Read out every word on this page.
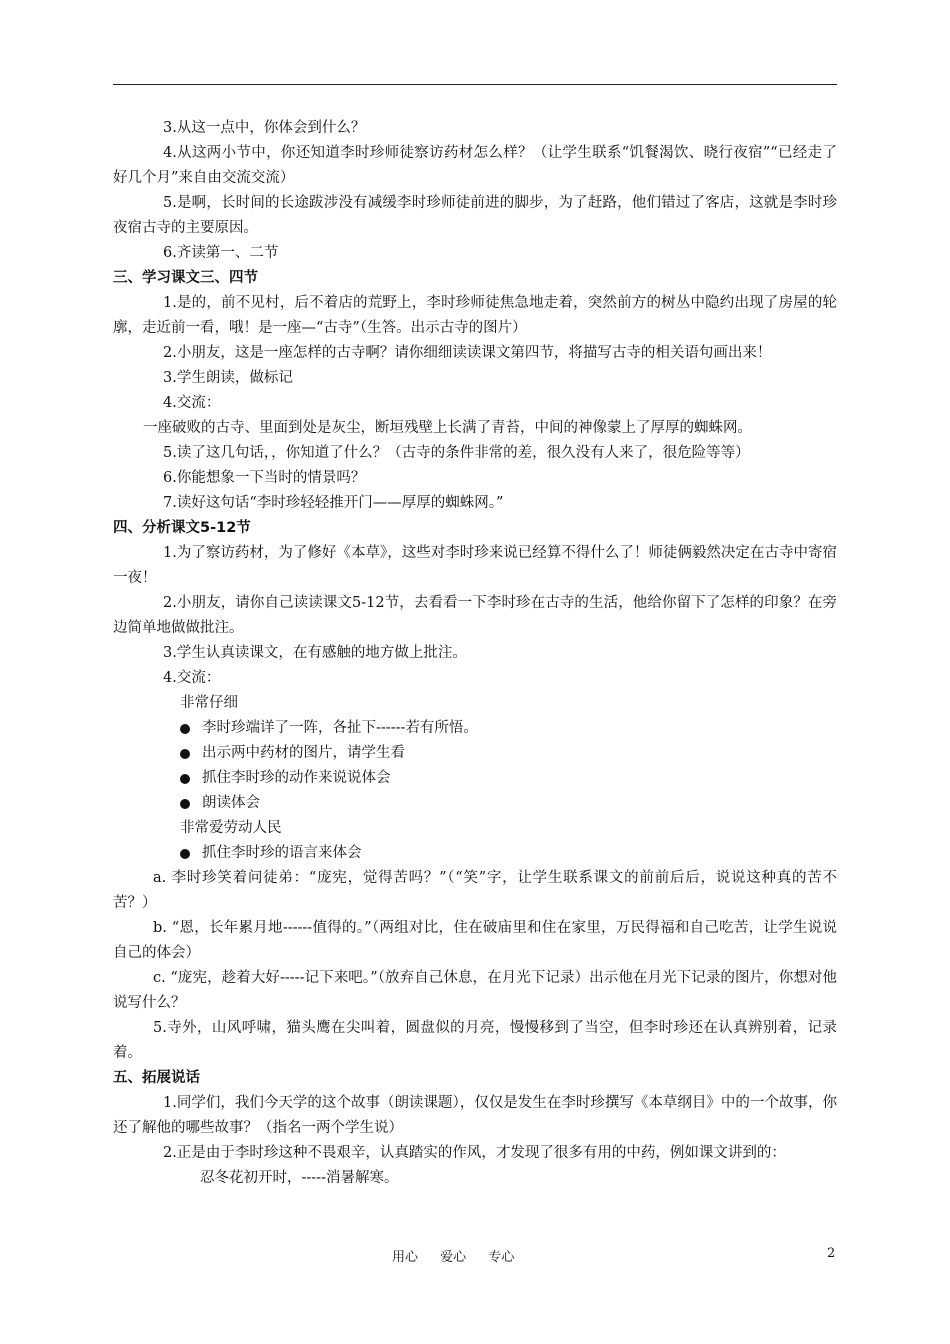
3.从这一点中，你体会到什么？

4.从这两小节中，你还知道李时珍师徒察访药材怎么样？（让学生联系“饥餐渴饮、晓行夜宿”“已经走了好几个月”来自由交流交流）

5.是啊，长时间的长途跋涉没有减缓李时珍师徒前进的脚步，为了赶路，他们错过了客店，这就是李时珍夜宿古寺的主要原因。

6.齐读第一、二节

三、学习课文三、四节

1.是的，前不见村，后不着店的荒野上，李时珍师徒焦急地走着，突然前方的树丛中隐约出现了房屋的轮廓，走近前一看，哦！是一座—“古寺”（生答。出示古寺的图片）

2.小朋友，这是一座怎样的古寺啊？请你细细读读课文第四节，将描写古寺的相关语句画出来！

3.学生朗读，做标记

4.交流：

一座破败的古寺、里面到处是灰尘，断垣残壁上长满了青苔，中间的神像蒙上了厚厚的蜘蛛网。

5.读了这几句话，，你知道了什么？（古寺的条件非常的差，很久没有人来了，很危险等等）

6.你能想象一下当时的情景吗？

7.读好这句话“李时珍轻轻推开门——厚厚的蜘蛛网。”

四、分析课文5-12节

1.为了察访药材，为了修好《本草》，这些对李时珍来说已经算不得什么了！师徒俩毅然决定在古寺中寄宿一夜！

2.小朋友，请你自己读读课文5-12节，去看看一下李时珍在古寺的生活，他给你留下了怎样的印象？在旁边简单地做做批注。

3.学生认真读课文，在有感触的地方做上批注。

4.交流：

非常仔细

李时珍端详了一阵，各扯下------若有所悟。
出示两中药材的图片，请学生看
抓住李时珍的动作来说说体会
朗读体会

非常爱劳动人民

抓住李时珍的语言来体会

a. 李时珍笑着问徒弟：“庞宪，觉得苦吗？”（“笑”字，让学生联系课文的前前后后，说说这种真的苦不苦？）

b. “恩，长年累月地------值得的。”（两组对比，住在破庙里和住在家里，万民得福和自己吃苦，让学生说说自己的体会）

c. “庞宪，趁着大好-----记下来吧。”（放弃自己休息，在月光下记录）出示他在月光下记录的图片，你想对他说写什么？

5.寺外，山风呼啸，猫头鹰在尖叫着，圆盘似的月亮，慢慢移到了当空，但李时珍还在认真辨别着，记录着。

五、拓展说话

1.同学们，我们今天学的这个故事（朗读课题），仅仅是发生在李时珍撰写《本草纲目》中的一个故事，你还了解他的哪些故事？（指名一两个学生说）

2.正是由于李时珍这种不畏艰辛，认真踏实的作风，才发现了很多有用的中药，例如课文讲到的：

忍冬花初开时，-----消暑解寒。

用心 爱心 专心	2
